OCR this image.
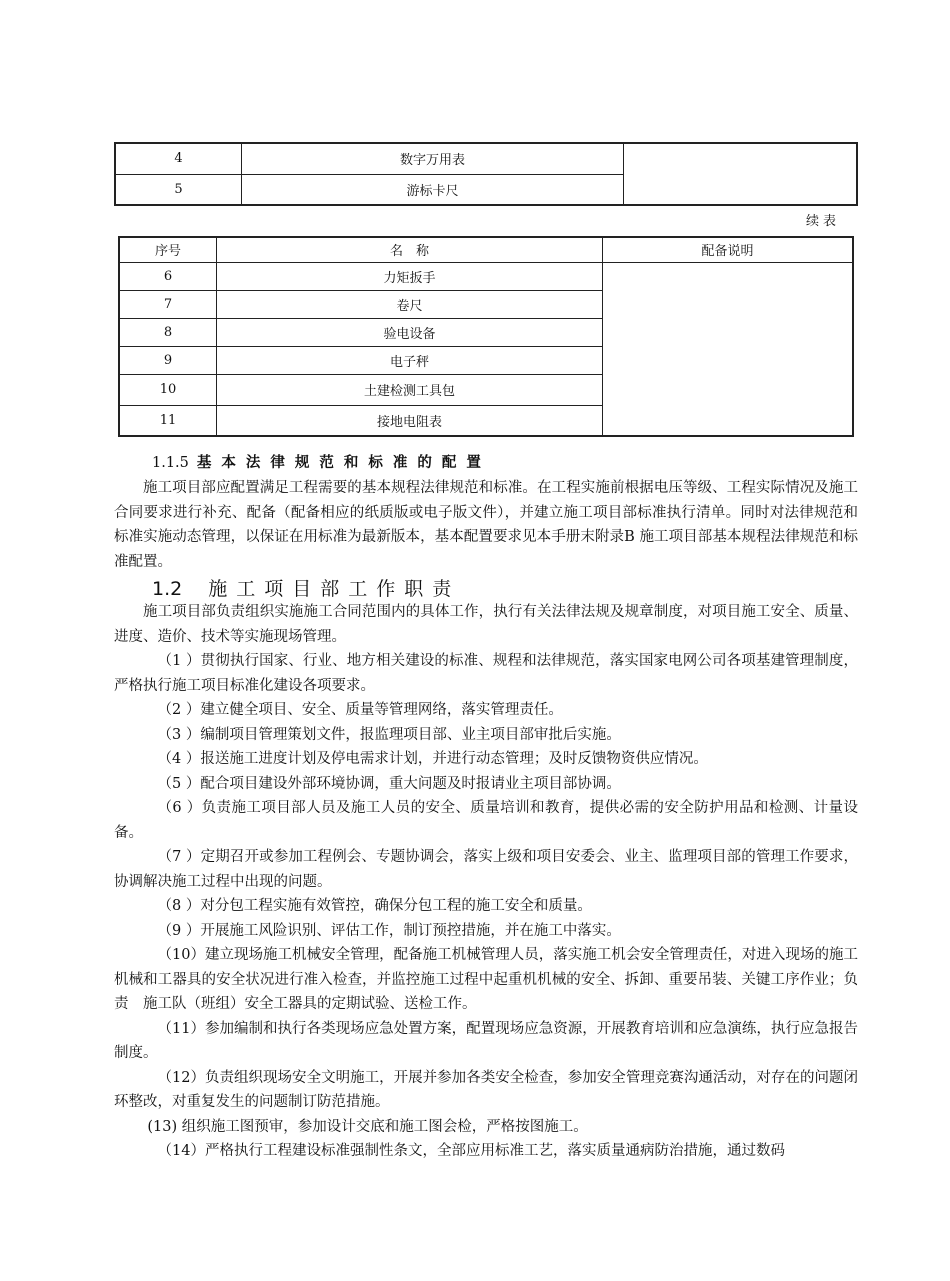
4	数字万用表	
5	游标卡尺	
续表
序号	名　称	配备说明
6	力矩扳手	
7	卷尺	
8	验电设备	
9	电子秤	
10	土建检测工具包	
11	接地电阻表	
1.1.5 基本法律规范和标准的配置

施工项目部应配置满足工程需要的基本规程法律规范和标准。在工程实施前根据电压等级、工程实际情况及施工合同要求进行补充、配备（配备相应的纸质版或电子版文件），并建立施工项目部标准执行清单。同时对法律规范和标准实施动态管理，以保证在用标准为最新版本，基本配置要求见本手册末附录B 施工项目部基本规程法律规范和标准配置。

1.2 施工项目部工作职责

施工项目部负责组织实施施工合同范围内的具体工作，执行有关法律法规及规章制度，对项目施工安全、质量、进度、造价、技术等实施现场管理。

（1 ）贯彻执行国家、行业、地方相关建设的标准、规程和法律规范，落实国家电网公司各项基建管理制度，严格执行施工项目标准化建设各项要求。

（2 ）建立健全项目、安全、质量等管理网络，落实管理责任。

（3 ）编制项目管理策划文件，报监理项目部、业主项目部审批后实施。

（4 ）报送施工进度计划及停电需求计划，并进行动态管理；及时反馈物资供应情况。

（5 ）配合项目建设外部环境协调，重大问题及时报请业主项目部协调。

（6 ）负责施工项目部人员及施工人员的安全、质量培训和教育，提供必需的安全防护用品和检测、计量设备。

（7 ）定期召开或参加工程例会、专题协调会，落实上级和项目安委会、业主、监理项目部的管理工作要求，协调解决施工过程中出现的问题。

（8 ）对分包工程实施有效管控，确保分包工程的施工安全和质量。

（9 ）开展施工风险识别、评估工作，制订预控措施，并在施工中落实。

（10）建立现场施工机械安全管理，配备施工机械管理人员，落实施工机会安全管理责任，对进入现场的施工机械和工器具的安全状况进行准入检查，并监控施工过程中起重机机械的安全、拆卸、重要吊装、关键工序作业；负责　施工队（班组）安全工器具的定期试验、送检工作。

（11）参加编制和执行各类现场应急处置方案，配置现场应急资源，开展教育培训和应急演练，执行应急报告制度。

（12）负责组织现场安全文明施工，开展并参加各类安全检查，参加安全管理竞赛沟通活动，对存在的问题闭环整改，对重复发生的问题制订防范措施。

(13) 组织施工图预审，参加设计交底和施工图会检，严格按图施工。

（14）严格执行工程建设标准强制性条文，全部应用标准工艺，落实质量通病防治措施，通过数码
